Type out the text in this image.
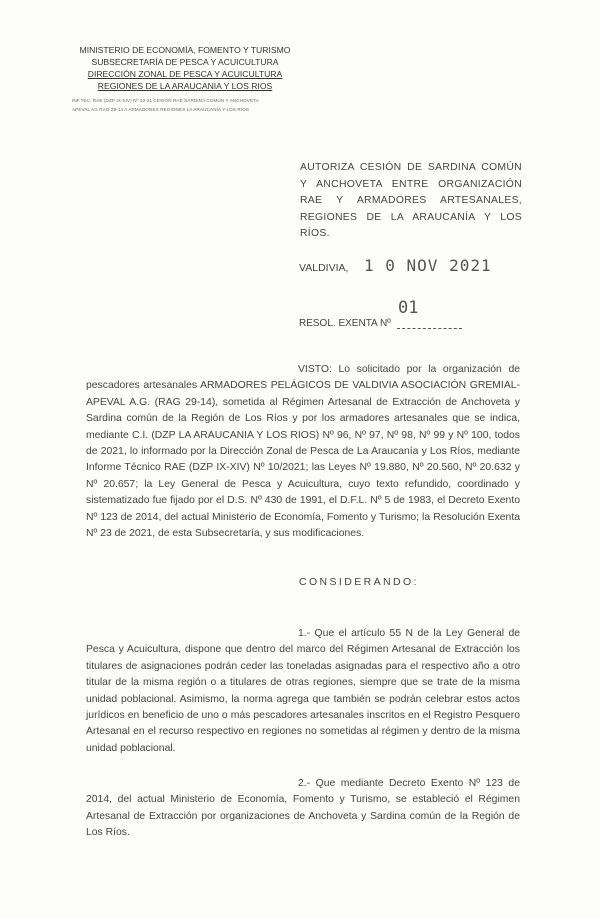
MINISTERIO DE ECONOMÍA, FOMENTO Y TURISMO
SUBSECRETARÍA DE PESCA Y ACUICULTURA
DIRECCIÓN ZONAL DE PESCA Y ACUICULTURA
REGIONES DE LA ARAUCANIA Y LOS RIOS
INF.TÉC. RAE (DZP IX-XIV) Nº 10-21 CESIÓN RAE SARDINA COMÚN Y ANCHOVETA
APEVAL AG RAG 29-14 A ARMADORES REGIONES LA ARAUCANÍA Y LOS RÍOS
AUTORIZA CESIÓN DE SARDINA COMÚN Y ANCHOVETA ENTRE ORGANIZACIÓN RAE Y ARMADORES ARTESANALES, REGIONES DE LA ARAUCANÍA Y LOS RÍOS.
VALDIVIA, 1 0 NOV 2021
RESOL. EXENTA Nº
01
VISTO: Lo solicitado por la organización de pescadores artesanales ARMADORES PELÁGICOS DE VALDIVIA ASOCIACIÓN GREMIAL- APEVAL A.G. (RAG 29-14), sometida al Régimen Artesanal de Extracción de Anchoveta y Sardina común de la Región de Los Ríos y por los armadores artesanales que se indica, mediante C.I. (DZP LA ARAUCANIA Y LOS RIOS) Nº 96, Nº 97, Nº 98, Nº 99 y Nº 100, todos de 2021, lo informado por la Dirección Zonal de Pesca de La Araucanía y Los Ríos, mediante Informe Técnico RAE (DZP IX-XIV) Nº 10/2021; las Leyes Nº 19.880, Nº 20.560, Nº 20.632 y Nº 20.657; la Ley General de Pesca y Acuicultura, cuyo texto refundido, coordinado y sistematizado fue fijado por el D.S. Nº 430 de 1991, el D.F.L. Nº 5 de 1983, el Decreto Exento Nº 123 de 2014, del actual Ministerio de Economía, Fomento y Turismo; la Resolución Exenta Nº 23 de 2021, de esta Subsecretaría, y sus modificaciones.
CONSIDERANDO:
1.- Que el artículo 55 N de la Ley General de Pesca y Acuicultura, dispone que dentro del marco del Régimen Artesanal de Extracción los titulares de asignaciones podrán ceder las toneladas asignadas para el respectivo año a otro titular de la misma región o a titulares de otras regiones, siempre que se trate de la misma unidad poblacional. Asimismo, la norma agrega que también se podrán celebrar estos actos jurídicos en beneficio de uno o más pescadores artesanales inscritos en el Registro Pesquero Artesanal en el recurso respectivo en regiones no sometidas al régimen y dentro de la misma unidad poblacional.
2.- Que mediante Decreto Exento Nº 123 de 2014, del actual Ministerio de Economía, Fomento y Turismo, se estableció el Régimen Artesanal de Extracción por organizaciones de Anchoveta y Sardina común de la Región de Los Ríos.
